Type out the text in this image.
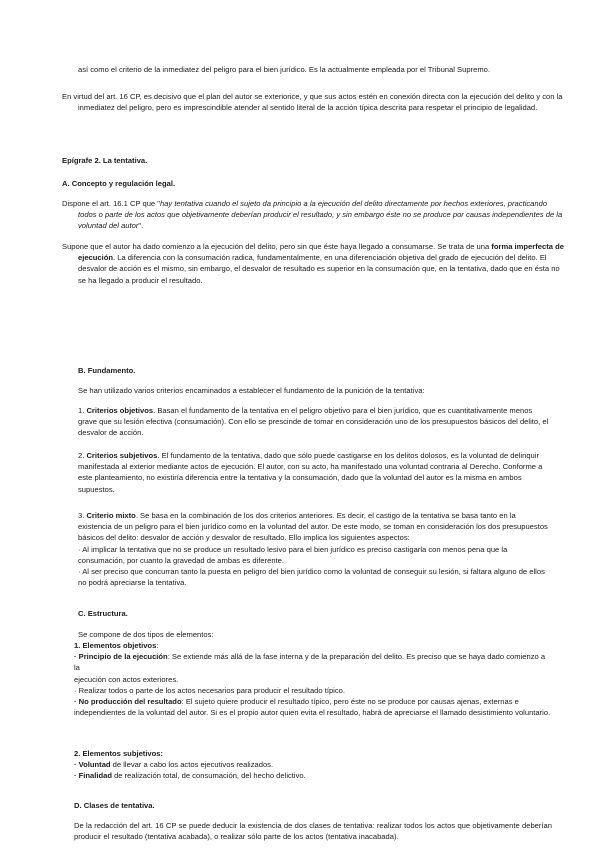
así como el criterio de la inmediatez del peligro para el bien jurídico. Es la actualmente empleada por el Tribunal Supremo.

En virtud del art. 16 CP, es decisivo que el plan del autor se exteriorice, y que sus actos estén en conexión directa con la ejecución del delito y con la inmediatez del peligro, pero es imprescindible atender al sentido literal de la acción típica descrita para respetar el principio de legalidad.

Epígrafe 2. La tentativa.

A. Concepto y regulación legal.

Dispone el art. 16.1 CP que "hay tentativa cuando el sujeto da principio a la ejecución del delito directamente por hechos exteriores, practicando todos o parte de los actos que objetivamente deberían producir el resultado, y sin embargo éste no se produce por causas independientes de la voluntad del autor".

Supone que el autor ha dado comienzo a la ejecución del delito, pero sin que éste haya llegado a consumarse. Se trata de una forma imperfecta de ejecución. La diferencia con la consumación radica, fundamentalmente, en una diferenciación objetiva del grado de ejecución del delito. El desvalor de acción es el mismo, sin embargo, el desvalor de resultado es superior en la consumación que, en la tentativa, dado que en ésta no se ha llegado a producir el resultado.

B. Fundamento.

Se han utilizado varios criterios encaminados a establecer el fundamento de la punición de la tentativa:

1. Criterios objetivos. Basan el fundamento de la tentativa en el peligro objetivo para el bien jurídico, que es cuantitativamente menos grave que su lesión efectiva (consumación). Con ello se prescinde de tomar en consideración uno de los presupuestos básicos del delito, el desvalor de acción.

2. Criterios subjetivos. El fundamento de la tentativa, dado que sólo puede castigarse en los delitos dolosos, es la voluntad de delinquir manifestada al exterior mediante actos de ejecución. El autor, con su acto, ha manifestado una voluntad contraria al Derecho. Conforme a este planteamiento, no existiría diferencia entre la tentativa y la consumación, dado que la voluntad del autor es la misma en ambos supuestos.

3. Criterio mixto. Se basa en la combinación de los dos criterios anteriores. Es decir, el castigo de la tentativa se basa tanto en la existencia de un peligro para el bien jurídico como en la voluntad del autor. De este modo, se toman en consideración los dos presupuestos básicos del delito: desvalor de acción y desvalor de resultado. Ello implica los siguientes aspectos:
· Al implicar la tentativa que no se produce un resultado lesivo para el bien jurídico es preciso castigarla con menos pena que la consumación, por cuanto la gravedad de ambas es diferente.
· Al ser preciso que concurran tanto la puesta en peligro del bien jurídico como la voluntad de conseguir su lesión, si faltara alguno de ellos no podrá apreciarse la tentativa.

C. Estructura.

Se compone de dos tipos de elementos:
1. Elementos objetivos:
· Principio de la ejecución: Se extiende más allá de la fase interna y de la preparación del delito. Es preciso que se haya dado comienzo a la
ejecución con actos exteriores.
· Realizar todos o parte de los actos necesarios para producir el resultado típico.
· No producción del resultado: El sujeto quiere producir el resultado típico, pero éste no se produce por causas ajenas, externas e independientes de la voluntad del autor. Si es el propio autor quien evita el resultado, habrá de apreciarse el llamado desistimiento voluntario.
2. Elementos subjetivos:
· Voluntad de llevar a cabo los actos ejecutivos realizados.
· Finalidad de realización total, de consumación, del hecho delictivo.

D. Clases de tentativa.

De la redacción del art. 16 CP se puede deducir la existencia de dos clases de tentativa: realizar todos los actos que objetivamente deberían producir el resultado (tentativa acabada), o realizar sólo parte de los actos (tentativa inacabada).
